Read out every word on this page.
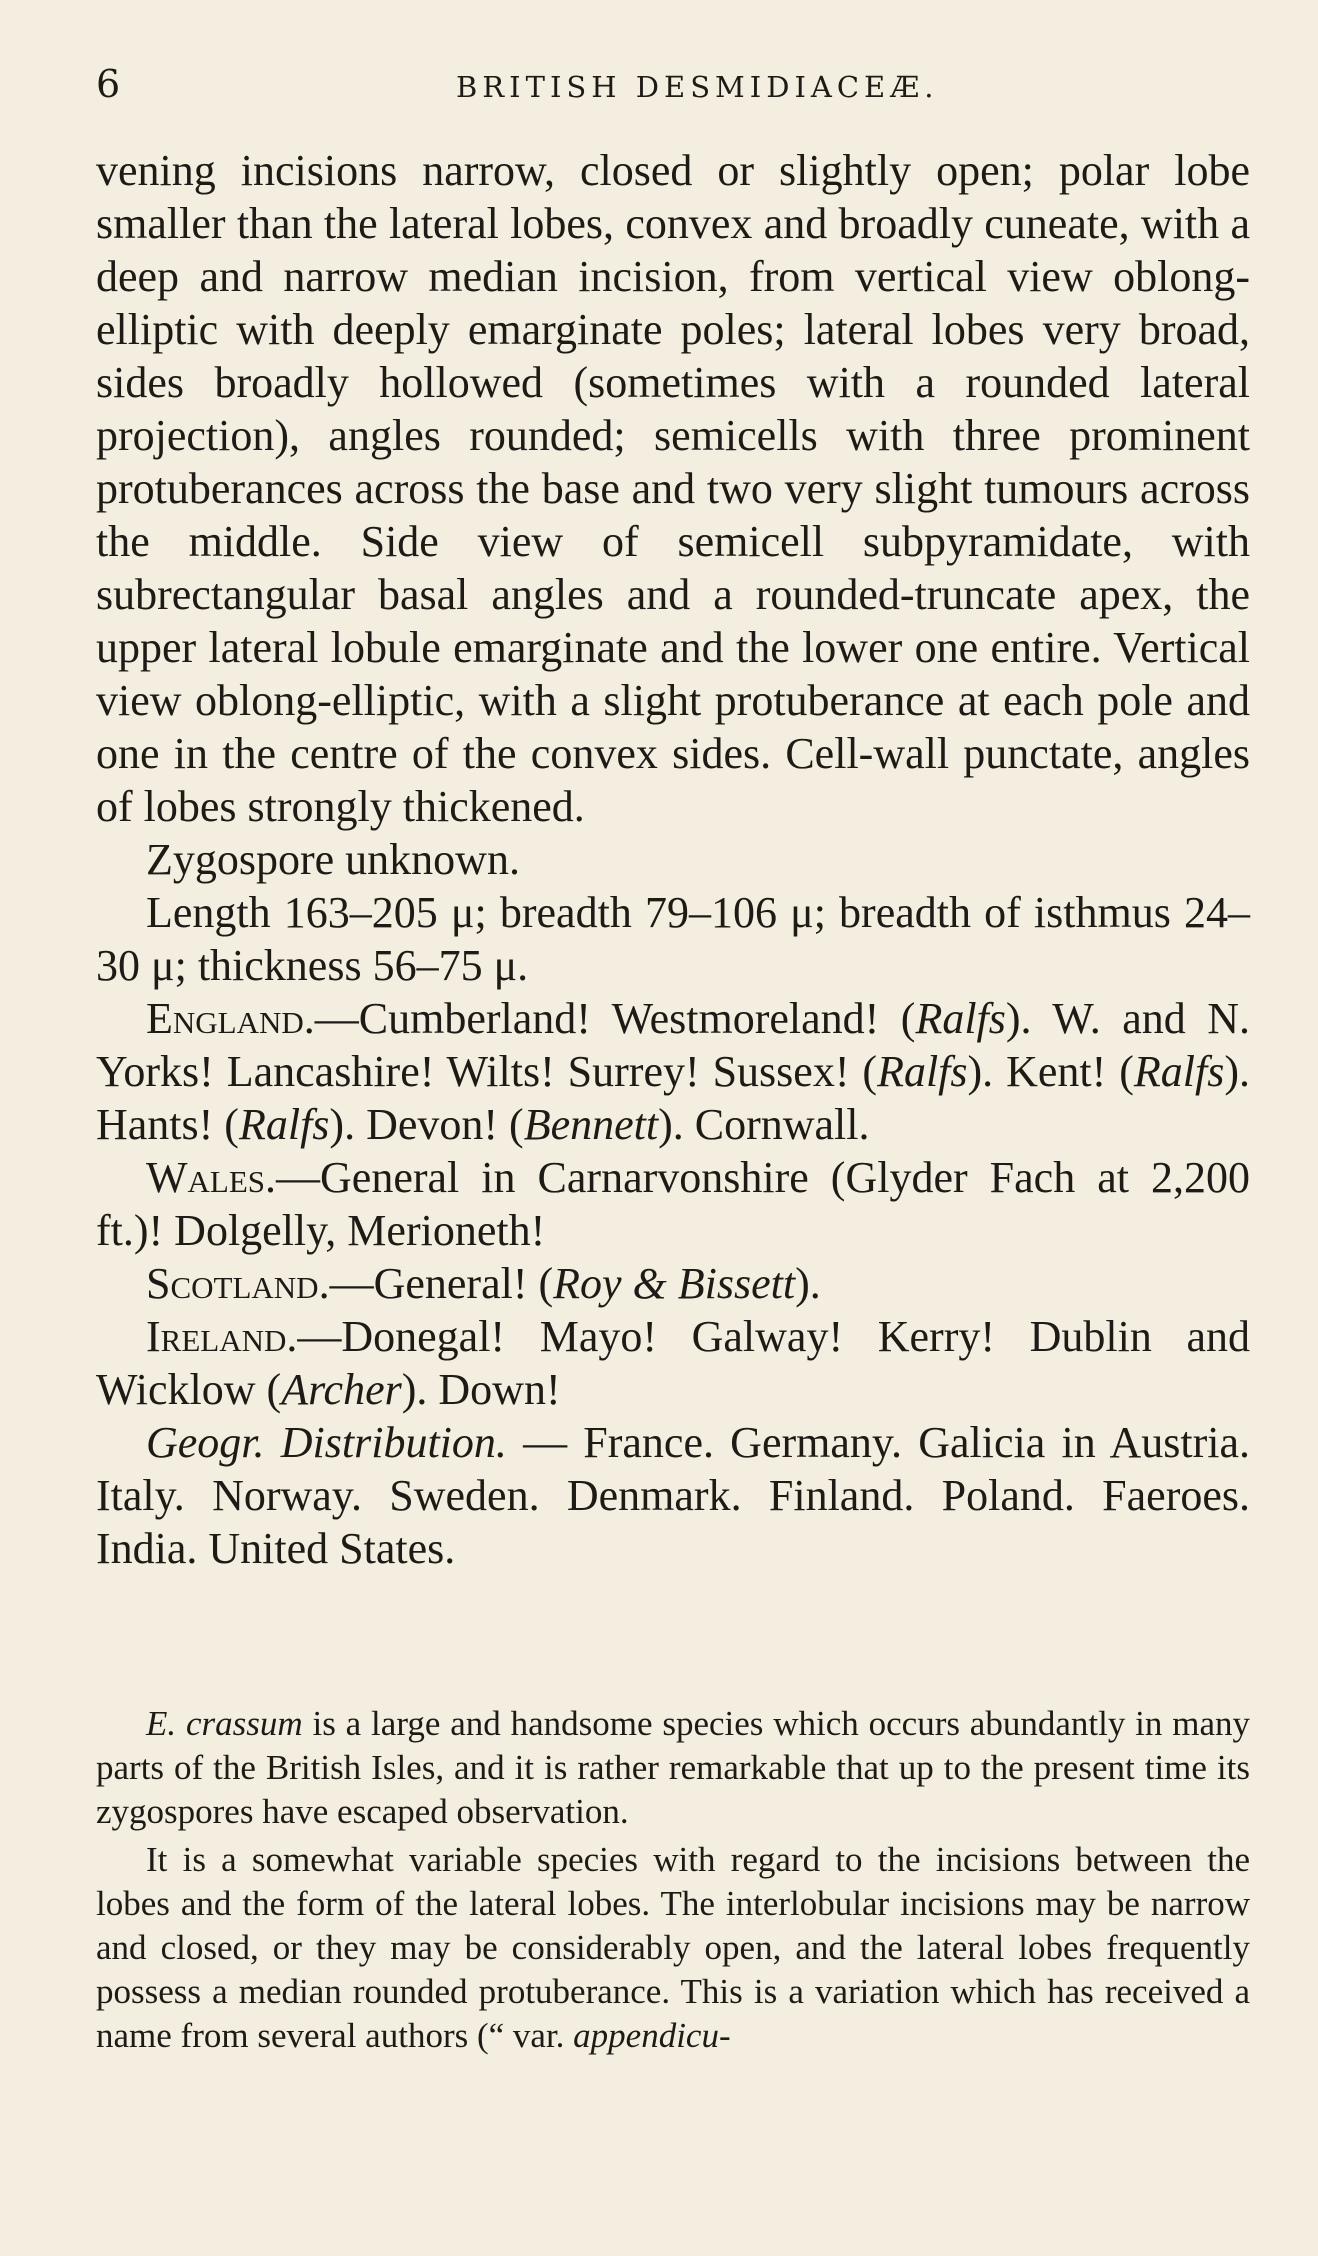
6	BRITISH DESMIDIACEÆ.

vening incisions narrow, closed or slightly open; polar lobe smaller than the lateral lobes, convex and broadly cuneate, with a deep and narrow median incision, from vertical view oblong-elliptic with deeply emarginate poles; lateral lobes very broad, sides broadly hollowed (sometimes with a rounded lateral projection), angles rounded; semicells with three prominent protuberances across the base and two very slight tumours across the middle. Side view of semicell subpyramidate, with subrectangular basal angles and a rounded-truncate apex, the upper lateral lobule emarginate and the lower one entire. Vertical view oblong-elliptic, with a slight protuberance at each pole and one in the centre of the convex sides. Cell-wall punctate, angles of lobes strongly thickened.

Zygospore unknown.

Length 163–205 μ; breadth 79–106 μ; breadth of isthmus 24–30 μ; thickness 56–75 μ.

England.—Cumberland! Westmoreland! (Ralfs). W. and N. Yorks! Lancashire! Wilts! Surrey! Sussex! (Ralfs). Kent! (Ralfs). Hants! (Ralfs). Devon! (Bennett). Cornwall.

Wales.—General in Carnarvonshire (Glyder Fach at 2,200 ft.)! Dolgelly, Merioneth!

Scotland.—General! (Roy & Bissett).

Ireland.—Donegal! Mayo! Galway! Kerry! Dublin and Wicklow (Archer). Down!

Geogr. Distribution. — France. Germany. Galicia in Austria. Italy. Norway. Sweden. Denmark. Finland. Poland. Faeroes. India. United States.

E. crassum is a large and handsome species which occurs abundantly in many parts of the British Isles, and it is rather remarkable that up to the present time its zygospores have escaped observation.

It is a somewhat variable species with regard to the incisions between the lobes and the form of the lateral lobes. The interlobular incisions may be narrow and closed, or they may be considerably open, and the lateral lobes frequently possess a median rounded protuberance. This is a variation which has received a name from several authors (“ var. appendicu-
